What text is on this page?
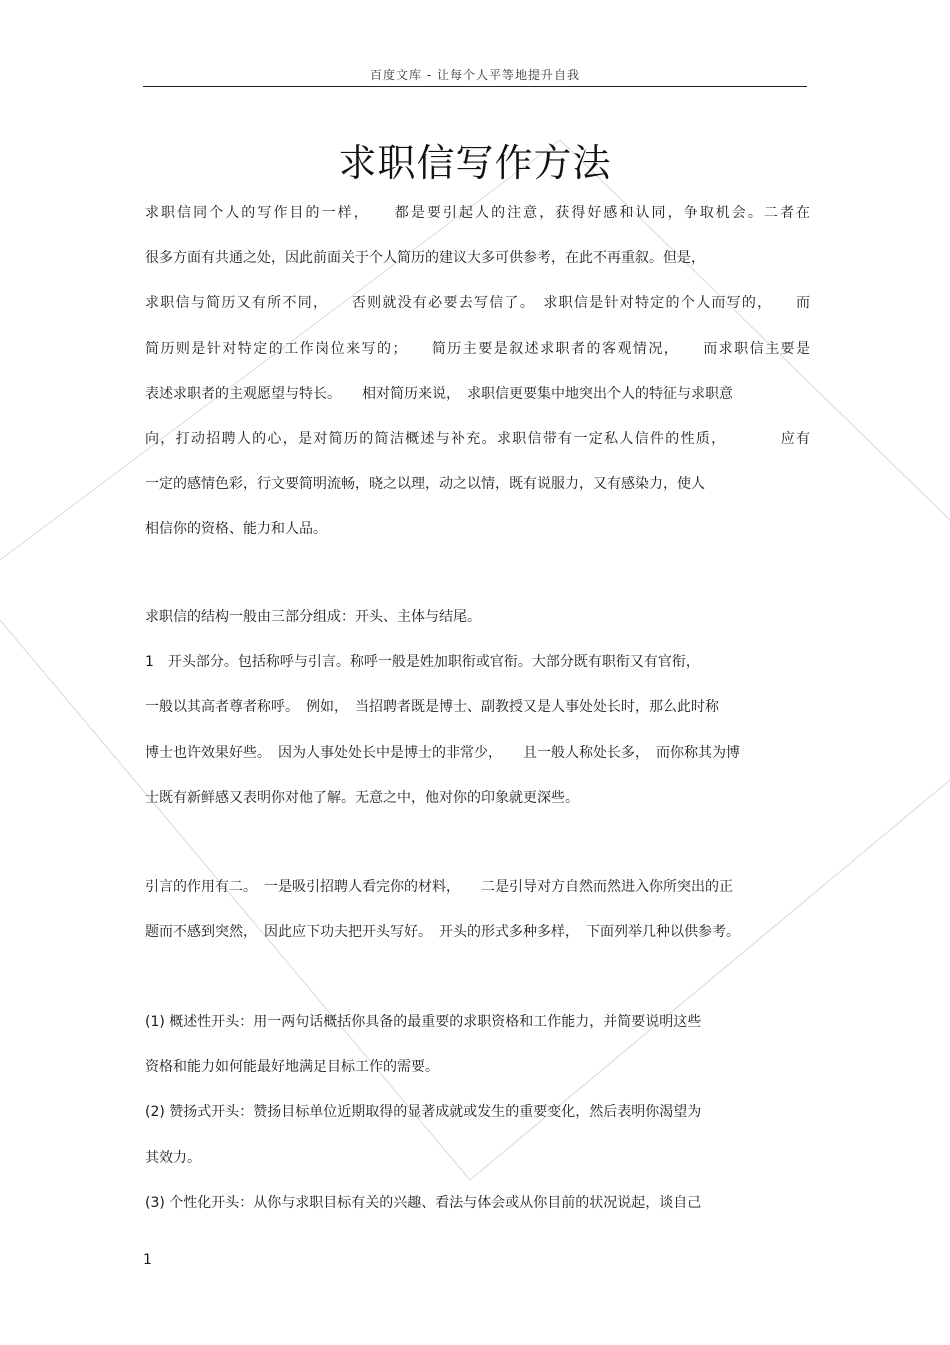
百度文库 - 让每个人平等地提升自我
求职信写作方法
求职信同个人的写作目的一样，　　都是要引起人的注意，获得好感和认同，争取机会。二者在
很多方面有共通之处，因此前面关于个人简历的建议大多可供参考，在此不再重叙。但是，
求职信与简历又有所不同，　　否则就没有必要去写信了。　求职信是针对特定的个人而写的，　　而
简历则是针对特定的工作岗位来写的；　　简历主要是叙述求职者的客观情况，　　而求职信主要是
表述求职者的主观愿望与特长。　　相对简历来说，　求职信更要集中地突出个人的特征与求职意
向，打动招聘人的心，是对简历的简洁概述与补充。求职信带有一定私人信件的性质，　　　　应有
一定的感情色彩，行文要简明流畅，晓之以理，动之以情，既有说服力，又有感染力，使人
相信你的资格、能力和人品。
求职信的结构一般由三部分组成：开头、主体与结尾。
1　开头部分。包括称呼与引言。称呼一般是姓加职衔或官衔。大部分既有职衔又有官衔，
一般以其高者尊者称呼。　例如，　当招聘者既是博士、副教授又是人事处处长时，那么此时称
博士也许效果好些。　因为人事处处长中是博士的非常少，　　且一般人称处长多，　而你称其为博
士既有新鲜感又表明你对他了解。无意之中，他对你的印象就更深些。
引言的作用有二。　一是吸引招聘人看完你的材料，　　二是引导对方自然而然进入你所突出的正
题而不感到突然，　因此应下功夫把开头写好。　开头的形式多种多样，　下面列举几种以供参考。
(1) 概述性开头：用一两句话概括你具备的最重要的求职资格和工作能力，并简要说明这些
资格和能力如何能最好地满足目标工作的需要。
(2) 赞扬式开头：赞扬目标单位近期取得的显著成就或发生的重要变化，然后表明你渴望为
其效力。
(3) 个性化开头：从你与求职目标有关的兴趣、看法与体会或从你目前的状况说起，谈自己
1
